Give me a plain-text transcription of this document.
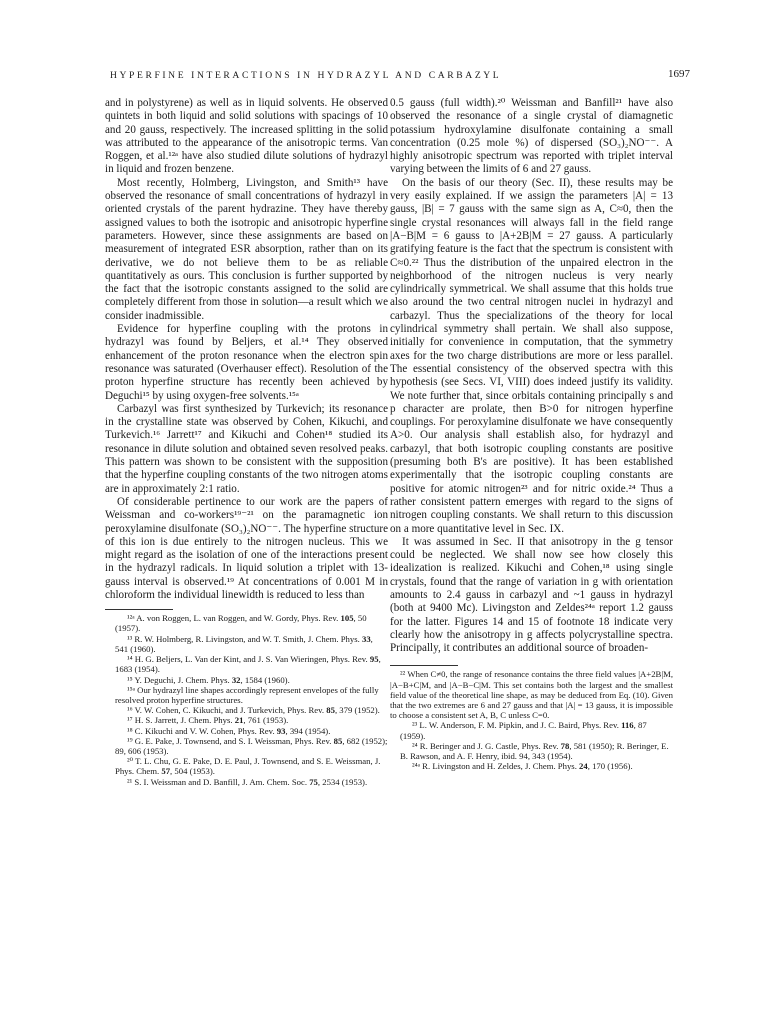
HYPERFINE INTERACTIONS IN HYDRAZYL AND CARBAZYL	1697

and in polystyrene) as well as in liquid solvents. He observed quintets in both liquid and solid solutions with spacings of 10 and 20 gauss, respectively. The increased splitting in the solid was attributed to the appearance of the anisotropic terms. Van Roggen, et al.¹²ᵃ have also studied dilute solutions of hydrazyl in liquid and frozen benzene.

Most recently, Holmberg, Livingston, and Smith¹³ have observed the resonance of small concentrations of hydrazyl in oriented crystals of the parent hydrazine. They have thereby assigned values to both the isotropic and anisotropic hyperfine parameters. However, since these assignments are based on measurement of integrated ESR absorption, rather than on its derivative, we do not believe them to be as reliable quantitatively as ours. This conclusion is further supported by the fact that the isotropic constants assigned to the solid are completely different from those in solution—a result which we consider inadmissible.

Evidence for hyperfine coupling with the protons in hydrazyl was found by Beljers, et al.¹⁴ They observed enhancement of the proton resonance when the electron spin resonance was saturated (Overhauser effect). Resolution of the proton hyperfine structure has recently been achieved by Deguchi¹⁵ by using oxygen-free solvents.¹⁵ᵃ

Carbazyl was first synthesized by Turkevich; its resonance in the crystalline state was observed by Cohen, Kikuchi, and Turkevich.¹⁶ Jarrett¹⁷ and Kikuchi and Cohen¹⁸ studied its resonance in dilute solution and obtained seven resolved peaks. This pattern was shown to be consistent with the supposition that the hyperfine coupling constants of the two nitrogen atoms are in approximately 2:1 ratio.

Of considerable pertinence to our work are the papers of Weissman and co-workers¹⁹⁻²¹ on the paramagnetic ion peroxylamine disulfonate (SO₃)₂NO⁻⁻. The hyperfine structure of this ion is due entirely to the nitrogen nucleus. This we might regard as the isolation of one of the interactions present in the hydrazyl radicals. In liquid solution a triplet with 13-gauss interval is observed.¹⁹ At concentrations of 0.001 M in chloroform the individual linewidth is reduced to less than

¹²ᵃ A. von Roggen, L. van Roggen, and W. Gordy, Phys. Rev. 105, 50 (1957).

¹³ R. W. Holmberg, R. Livingston, and W. T. Smith, J. Chem. Phys. 33, 541 (1960).

¹⁴ H. G. Beljers, L. Van der Kint, and J. S. Van Wieringen, Phys. Rev. 95, 1683 (1954).

¹⁵ Y. Deguchi, J. Chem. Phys. 32, 1584 (1960).

¹⁵ᵃ Our hydrazyl line shapes accordingly represent envelopes of the fully resolved proton hyperfine structures.

¹⁶ V. W. Cohen, C. Kikuchi, and J. Turkevich, Phys. Rev. 85, 379 (1952).

¹⁷ H. S. Jarrett, J. Chem. Phys. 21, 761 (1953).

¹⁸ C. Kikuchi and V. W. Cohen, Phys. Rev. 93, 394 (1954).

¹⁹ G. E. Pake, J. Townsend, and S. I. Weissman, Phys. Rev. 85, 682 (1952); 89, 606 (1953).

²⁰ T. L. Chu, G. E. Pake, D. E. Paul, J. Townsend, and S. E. Weissman, J. Phys. Chem. 57, 504 (1953).

²¹ S. I. Weissman and D. Banfill, J. Am. Chem. Soc. 75, 2534 (1953).

0.5 gauss (full width).²⁰ Weissman and Banfill²¹ have also observed the resonance of a single crystal of diamagnetic potassium hydroxylamine disulfonate containing a small concentration (0.25 mole %) of dispersed (SO₃)₂NO⁻⁻. A highly anisotropic spectrum was reported with triplet interval varying between the limits of 6 and 27 gauss.

On the basis of our theory (Sec. II), these results may be very easily explained. If we assign the parameters |A| = 13 gauss, |B| = 7 gauss with the same sign as A, C≈0, then the single crystal resonances will always fall in the field range |A−B|M = 6 gauss to |A+2B|M = 27 gauss. A particularly gratifying feature is the fact that the spectrum is consistent with C≈0.²² Thus the distribution of the unpaired electron in the neighborhood of the nitrogen nucleus is very nearly cylindrically symmetrical. We shall assume that this holds true also around the two central nitrogen nuclei in hydrazyl and carbazyl. Thus the specializations of the theory for local cylindrical symmetry shall pertain. We shall also suppose, initially for convenience in computation, that the symmetry axes for the two charge distributions are more or less parallel. The essential consistency of the observed spectra with this hypothesis (see Secs. VI, VIII) does indeed justify its validity. We note further that, since orbitals containing principally s and p character are prolate, then B>0 for nitrogen hyperfine couplings. For peroxylamine disulfonate we have consequently A>0. Our analysis shall establish also, for hydrazyl and carbazyl, that both isotropic coupling constants are positive (presuming both B's are positive). It has been established experimentally that the isotropic coupling constants are positive for atomic nitrogen²³ and for nitric oxide.²⁴ Thus a rather consistent pattern emerges with regard to the signs of nitrogen coupling constants. We shall return to this discussion on a more quantitative level in Sec. IX.

It was assumed in Sec. II that anisotropy in the g tensor could be neglected. We shall now see how closely this idealization is realized. Kikuchi and Cohen,¹⁸ using single crystals, found that the range of variation in g with orientation amounts to 2.4 gauss in carbazyl and ~1 gauss in hydrazyl (both at 9400 Mc). Livingston and Zeldes²⁴ᵃ report 1.2 gauss for the latter. Figures 14 and 15 of footnote 18 indicate very clearly how the anisotropy in g affects polycrystalline spectra. Principally, it contributes an additional source of broaden-

²² When C≠0, the range of resonance contains the three field values |A+2B|M, |A−B+C|M, and |A−B−C|M. This set contains both the largest and the smallest field value of the theoretical line shape, as may be deduced from Eq. (10). Given that the two extremes are 6 and 27 gauss and that |A| = 13 gauss, it is impossible to choose a consistent set A, B, C unless C=0.

²³ L. W. Anderson, F. M. Pipkin, and J. C. Baird, Phys. Rev. 116, 87 (1959).

²⁴ R. Beringer and J. G. Castle, Phys. Rev. 78, 581 (1950); R. Beringer, E. B. Rawson, and A. F. Henry, ibid. 94, 343 (1954).

²⁴ᵃ R. Livingston and H. Zeldes, J. Chem. Phys. 24, 170 (1956).
